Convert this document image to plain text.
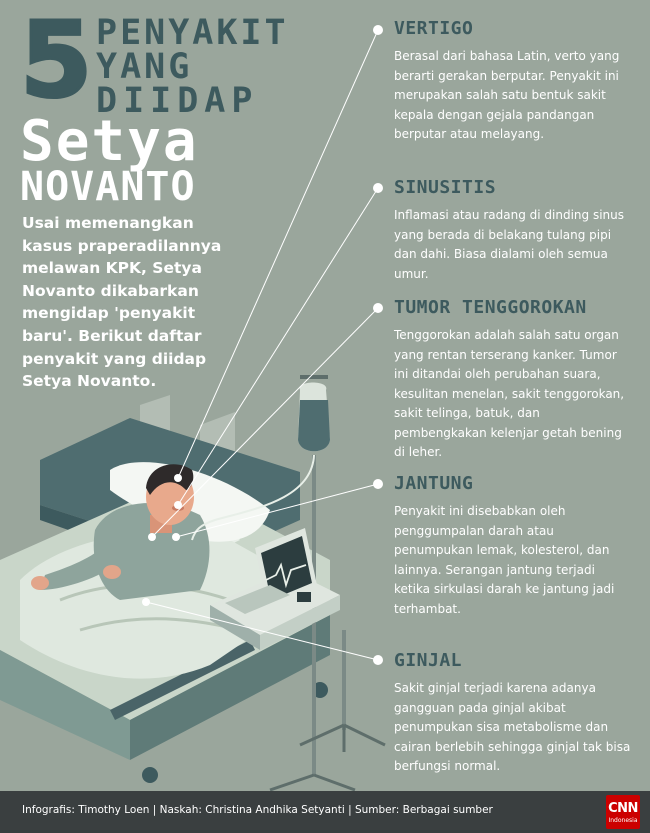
5 PENYAKIT
YANG
DIIDAP
Setya
NOVANTO
Usai memenangkan kasus praperadilannya melawan KPK, Setya Novanto dikabarkan mengidap 'penyakit baru'. Berikut daftar penyakit yang diidap Setya Novanto.
VERTIGO

Berasal dari bahasa Latin, verto yang berarti gerakan berputar. Penyakit ini merupakan salah satu bentuk sakit kepala dengan gejala pandangan berputar atau melayang.

SINUSITIS

Inflamasi atau radang di dinding sinus yang berada di belakang tulang pipi dan dahi. Biasa dialami oleh semua umur.

TUMOR TENGGOROKAN

Tenggorokan adalah salah satu organ yang rentan terserang kanker. Tumor ini ditandai oleh perubahan suara, kesulitan menelan, sakit tenggorokan, sakit telinga, batuk, dan pembengkakan kelenjar getah bening di leher.

JANTUNG

Penyakit ini disebabkan oleh penggumpalan darah atau penumpukan lemak, kolesterol, dan lainnya. Serangan jantung terjadi ketika sirkulasi darah ke jantung jadi terhambat.

GINJAL

Sakit ginjal terjadi karena adanya gangguan pada ginjal akibat penumpukan sisa metabolisme dan cairan berlebih sehingga ginjal tak bisa berfungsi normal.

Infografis: Timothy Loen | Naskah: Christina Andhika Setyanti | Sumber: Berbagai sumber	CNN
Indonesia
